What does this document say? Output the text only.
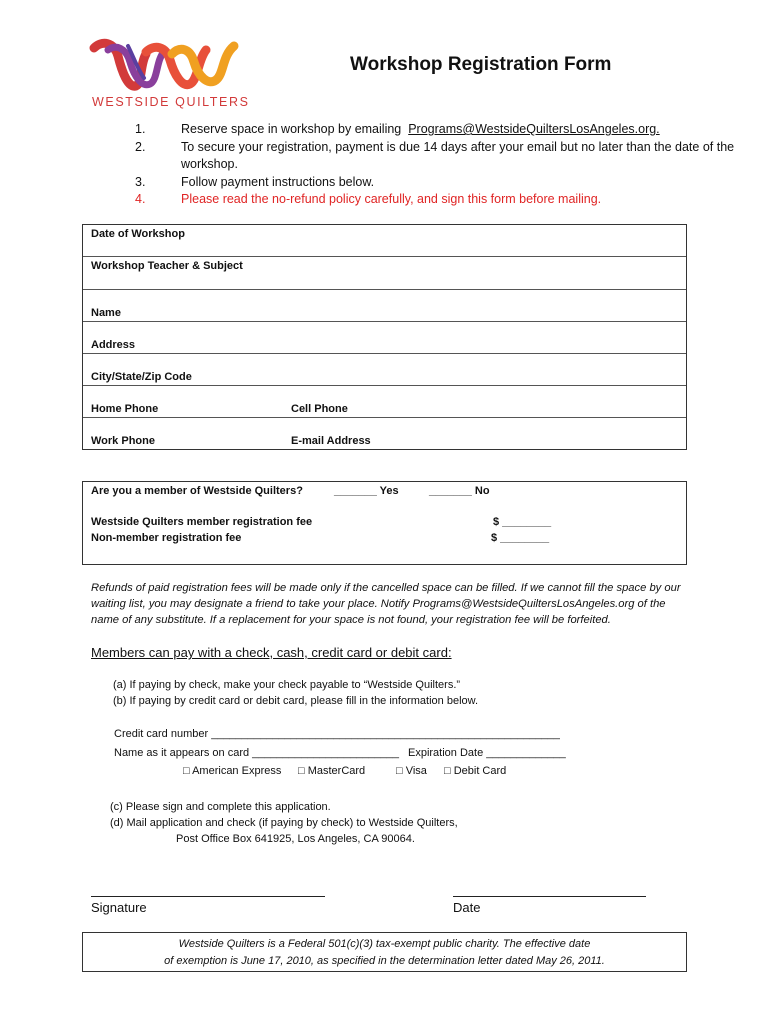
WESTSIDE QUILTERS
Workshop Registration Form
1.	Reserve space in workshop by emailing Programs@WestsideQuiltersLosAngeles.org.
2.	To secure your registration, payment is due 14 days after your email but no later than the date of the workshop.
3.	Follow payment instructions below.
4.	Please read the no-refund policy carefully, and sign this form before mailing.
Date of Workshop
Workshop Teacher & Subject
Name
Address
City/State/Zip Code
Home Phone	Cell Phone
Work Phone	E-mail Address
Are you a member of Westside Quilters?	_______ Yes	_______ No
Westside Quilters member registration fee	$ ________
Non-member registration fee	$ ________
Refunds of paid registration fees will be made only if the cancelled space can be filled. If we cannot fill the space by our waiting list, you may designate a friend to take your place. Notify Programs@WestsideQuiltersLosAngeles.org of the name of any substitute. If a replacement for your space is not found, your registration fee will be forfeited.
Members can pay with a check, cash, credit card or debit card:
(a) If paying by check, make your check payable to “Westside Quilters.”
(b) If paying by credit card or debit card, please fill in the information below.
Credit card number _________________________________________________________
Name as it appears on card ________________________ Expiration Date _____________
□ American Express □ MasterCard	□ Visa □ Debit Card
(c) Please sign and complete this application.
(d) Mail application and check (if paying by check) to Westside Quilters,
Post Office Box 641925, Los Angeles, CA 90064.
Signature	Date
Westside Quilters is a Federal 501(c)(3) tax-exempt public charity. The effective date
of exemption is June 17, 2010, as specified in the determination letter dated May 26, 2011.
